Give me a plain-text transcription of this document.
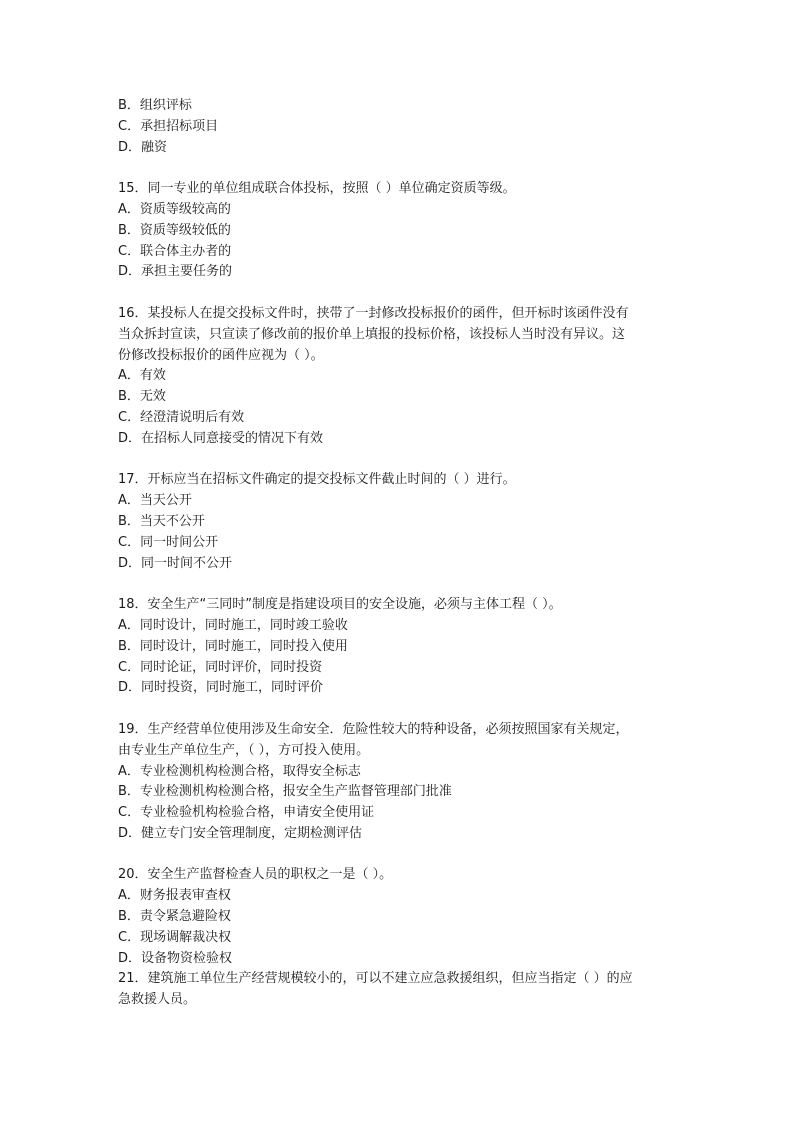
B．组织评标
C．承担招标项目
D．融资
15．同一专业的单位组成联合体投标，按照（ ）单位确定资质等级。
A．资质等级较高的
B．资质等级较低的
C．联合体主办者的
D．承担主要任务的
16．某投标人在提交投标文件时，挟带了一封修改投标报价的函件，但开标时该函件没有
当众拆封宣读，只宣读了修改前的报价单上填报的投标价格，该投标人当时没有异议。这
份修改投标报价的函件应视为（ ）。
A．有效
B．无效
C．经澄清说明后有效
D．在招标人同意接受的情况下有效
17．开标应当在招标文件确定的提交投标文件截止时间的（ ）进行。
A．当天公开
B．当天不公开
C．同一时间公开
D．同一时间不公开
18．安全生产“三同时”制度是指建设项目的安全设施，必须与主体工程（ ）。
A．同时设计，同时施工，同时竣工验收
B．同时设计，同时施工，同时投入使用
C．同时论证，同时评价，同时投资
D．同时投资，同时施工，同时评价
19．生产经营单位使用涉及生命安全．危险性较大的特种设备，必须按照国家有关规定，
由专业生产单位生产，（ ），方可投入使用。
A．专业检测机构检测合格，取得安全标志
B．专业检测机构检测合格，报安全生产监督管理部门批准
C．专业检验机构检验合格，申请安全使用证
D．健立专门安全管理制度，定期检测评估
20．安全生产监督检查人员的职权之一是（ ）。
A．财务报表审查权
B．责令紧急避险权
C．现场调解裁决权
D．设备物资检验权
21．建筑施工单位生产经营规模较小的，可以不建立应急救援组织，但应当指定（ ）的应
急救援人员。
